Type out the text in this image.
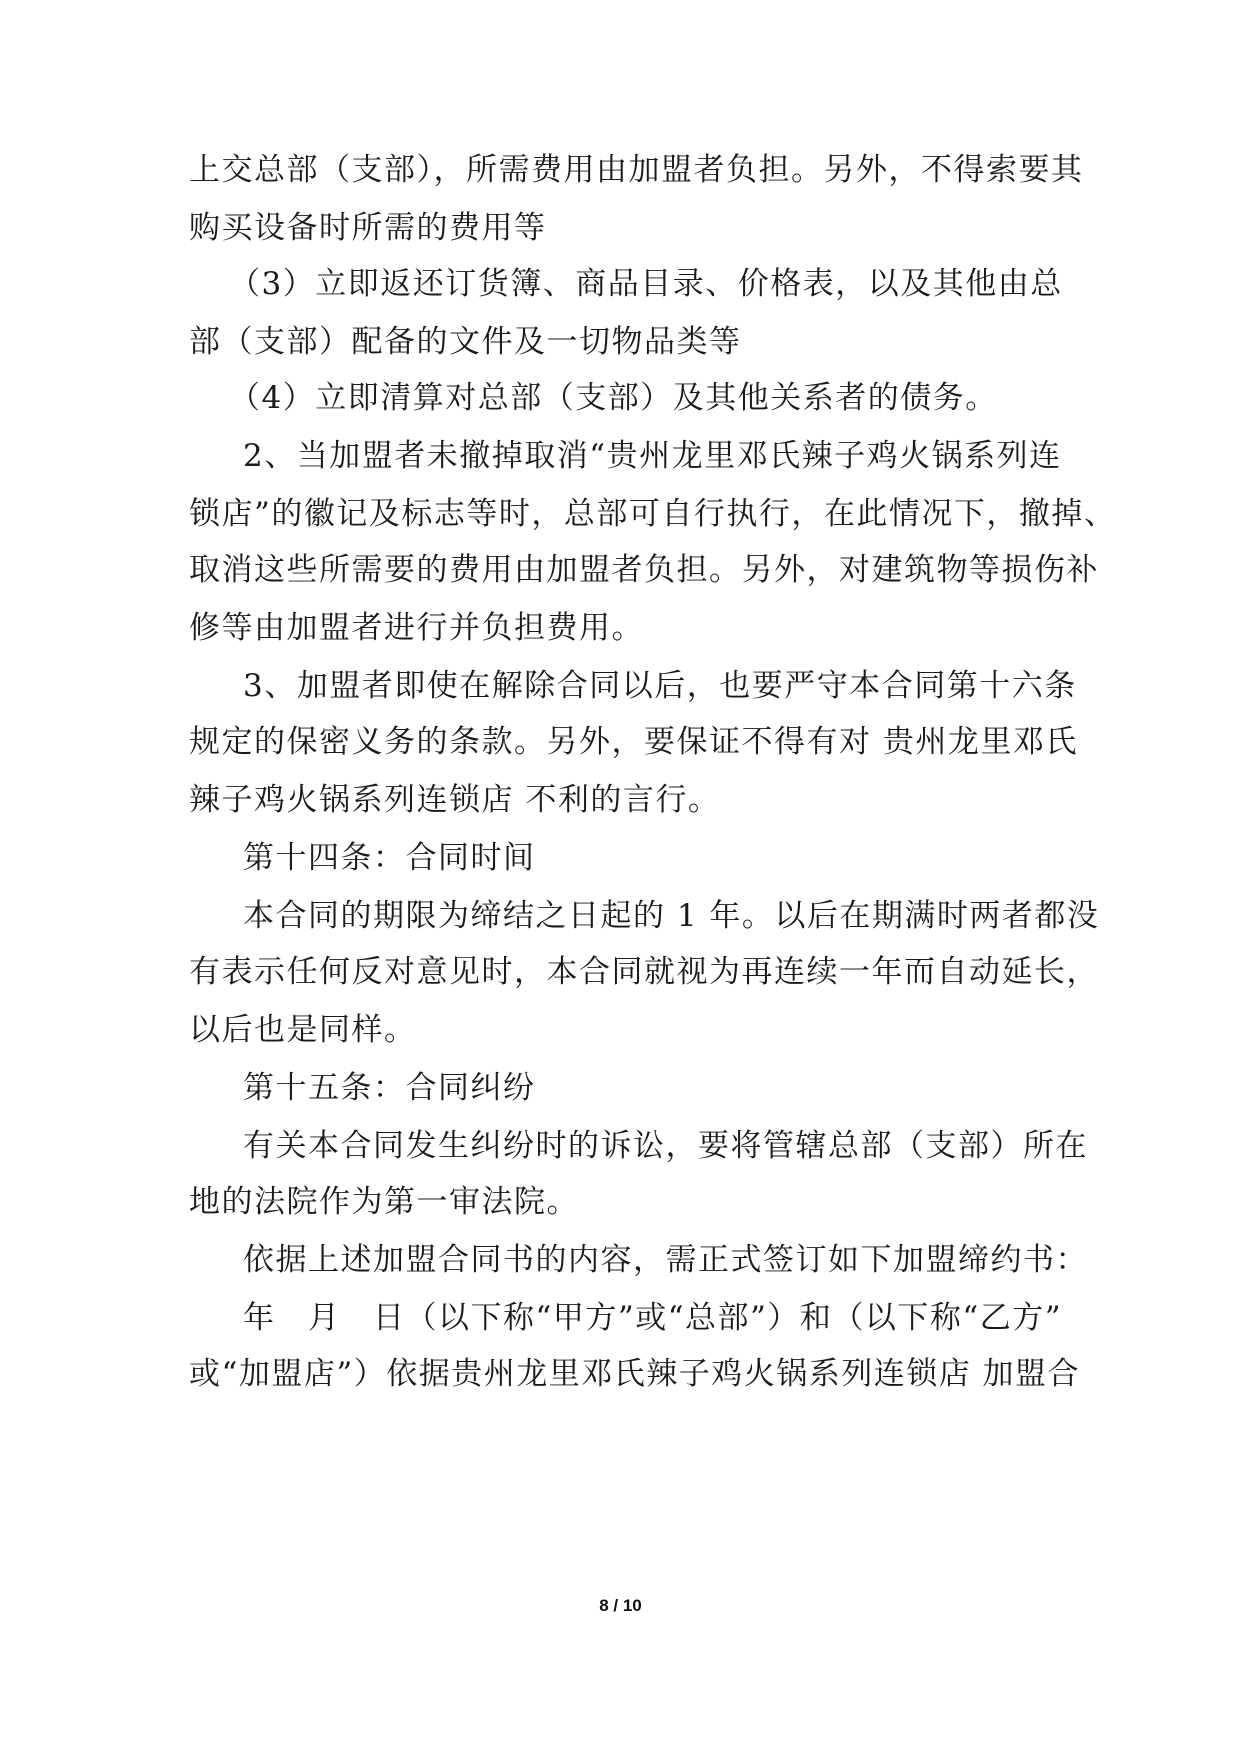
上交总部（支部），所需费用由加盟者负担。另外，不得索要其
购买设备时所需的费用等
（3）立即返还订货簿、商品目录、价格表，以及其他由总
部（支部）配备的文件及一切物品类等
（4）立即清算对总部（支部）及其他关系者的债务。
2、当加盟者未撤掉取消“贵州龙里邓氏辣子鸡火锅系列连
锁店”的徽记及标志等时，总部可自行执行，在此情况下，撤掉、
取消这些所需要的费用由加盟者负担。另外，对建筑物等损伤补
修等由加盟者进行并负担费用。
3、加盟者即使在解除合同以后，也要严守本合同第十六条
规定的保密义务的条款。另外，要保证不得有对 贵州龙里邓氏
辣子鸡火锅系列连锁店 不利的言行。
第十四条：合同时间
本合同的期限为缔结之日起的 1 年。以后在期满时两者都没
有表示任何反对意见时，本合同就视为再连续一年而自动延长，
以后也是同样。
第十五条：合同纠纷
有关本合同发生纠纷时的诉讼，要将管辖总部（支部）所在
地的法院作为第一审法院。
依据上述加盟合同书的内容，需正式签订如下加盟缔约书：
年　月　日（以下称“甲方”或“总部”）和（以下称“乙方”
或“加盟店”）依据贵州龙里邓氏辣子鸡火锅系列连锁店 加盟合
8 / 10
